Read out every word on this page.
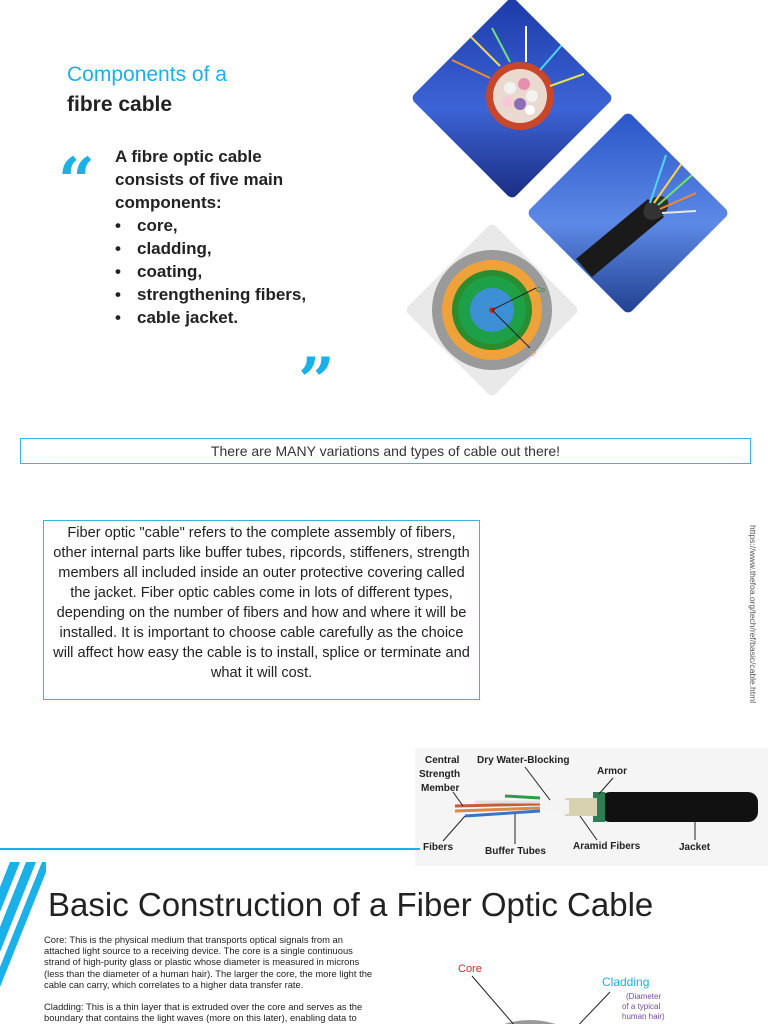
Components of a
fibre cable
“ A fibre optic cable consists of five main components:
• core,
• cladding,
• coating,
• strengthening fibers,
• cable jacket.
”
Co
St
There are MANY variations and types of cable out there!
Fiber optic "cable" refers to the complete assembly of fibers, other internal parts like buffer tubes, ripcords, stiffeners, strength members all included inside an outer protective covering called the jacket. Fiber optic cables come in lots of different types, depending on the number of fibers and how and where it will be installed. It is important to choose cable carefully as the choice will affect how easy the cable is to install, splice or terminate and what it will cost.	https://www.thefoa.org/tech/ref/basic/cable.html
Central
Strength
Member
Dry Water-Blocking
Armor
Fibers	Buffer Tubes	Aramid Fibers	Jacket
Basic Construction of a Fiber Optic Cable

Core: This is the physical medium that transports optical signals from an attached light source to a receiving device. The core is a single continuous strand of high-purity glass or plastic whose diameter is measured in microns (less than the diameter of a human hair). The larger the core, the more light the cable can carry, which correlates to a higher data transfer rate.

Cladding: This is a thin layer that is extruded over the core and serves as the boundary that contains the light waves (more on this later), enabling data to

Core
Cladding
(Diameter
of a typical
human hair)
